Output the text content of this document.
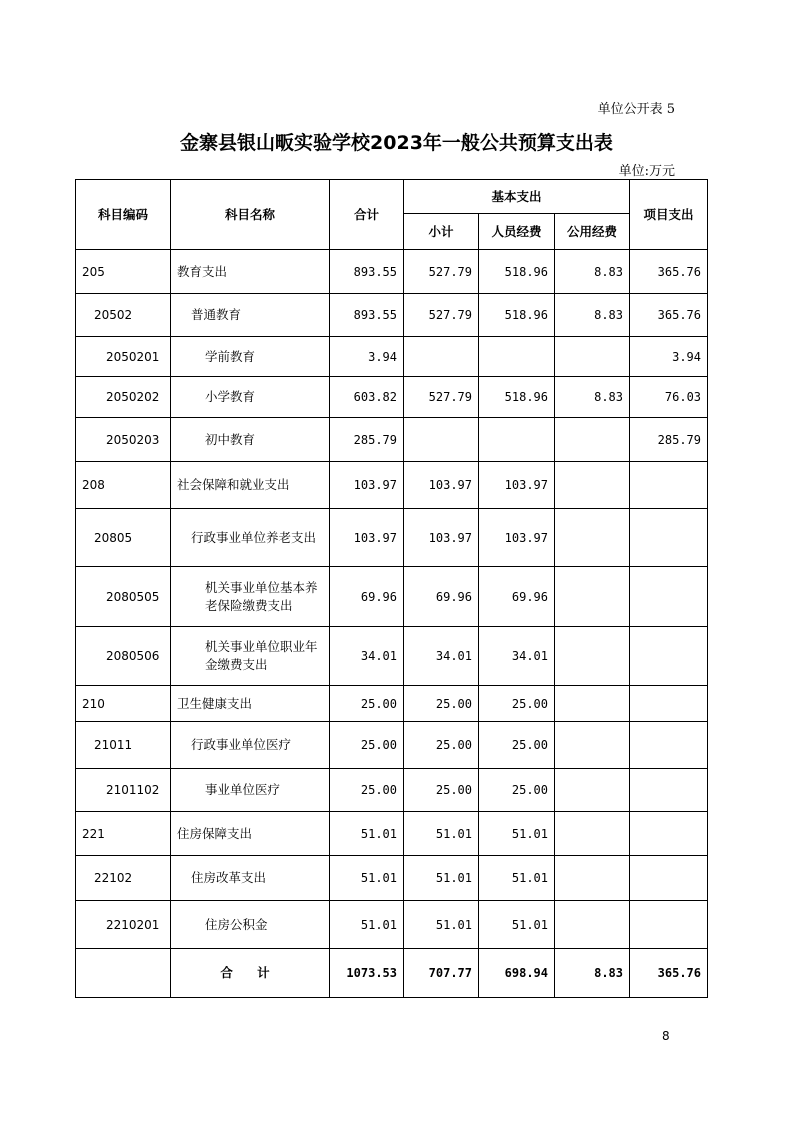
单位公开表 5
金寨县银山畈实验学校2023年一般公共预算支出表
单位:万元
科目编码	科目名称	合计	基本支出			项目支出
			小计	人员经费	公用经费	
205	教育支出	893.55	527.79	518.96	8.83	365.76
20502	普通教育	893.55	527.79	518.96	8.83	365.76
2050201	学前教育	3.94				3.94
2050202	小学教育	603.82	527.79	518.96	8.83	76.03
2050203	初中教育	285.79				285.79
208	社会保障和就业支出	103.97	103.97	103.97		
20805	行政事业单位养老支出	103.97	103.97	103.97		
2080505	机关事业单位基本养老保险缴费支出	69.96	69.96	69.96		
2080506	机关事业单位职业年金缴费支出	34.01	34.01	34.01		
210	卫生健康支出	25.00	25.00	25.00		
21011	行政事业单位医疗	25.00	25.00	25.00		
2101102	事业单位医疗	25.00	25.00	25.00		
221	住房保障支出	51.01	51.01	51.01		
22102	住房改革支出	51.01	51.01	51.01		
2210201	住房公积金	51.01	51.01	51.01		
	合 计	1073.53	707.77	698.94	8.83	365.76
8
